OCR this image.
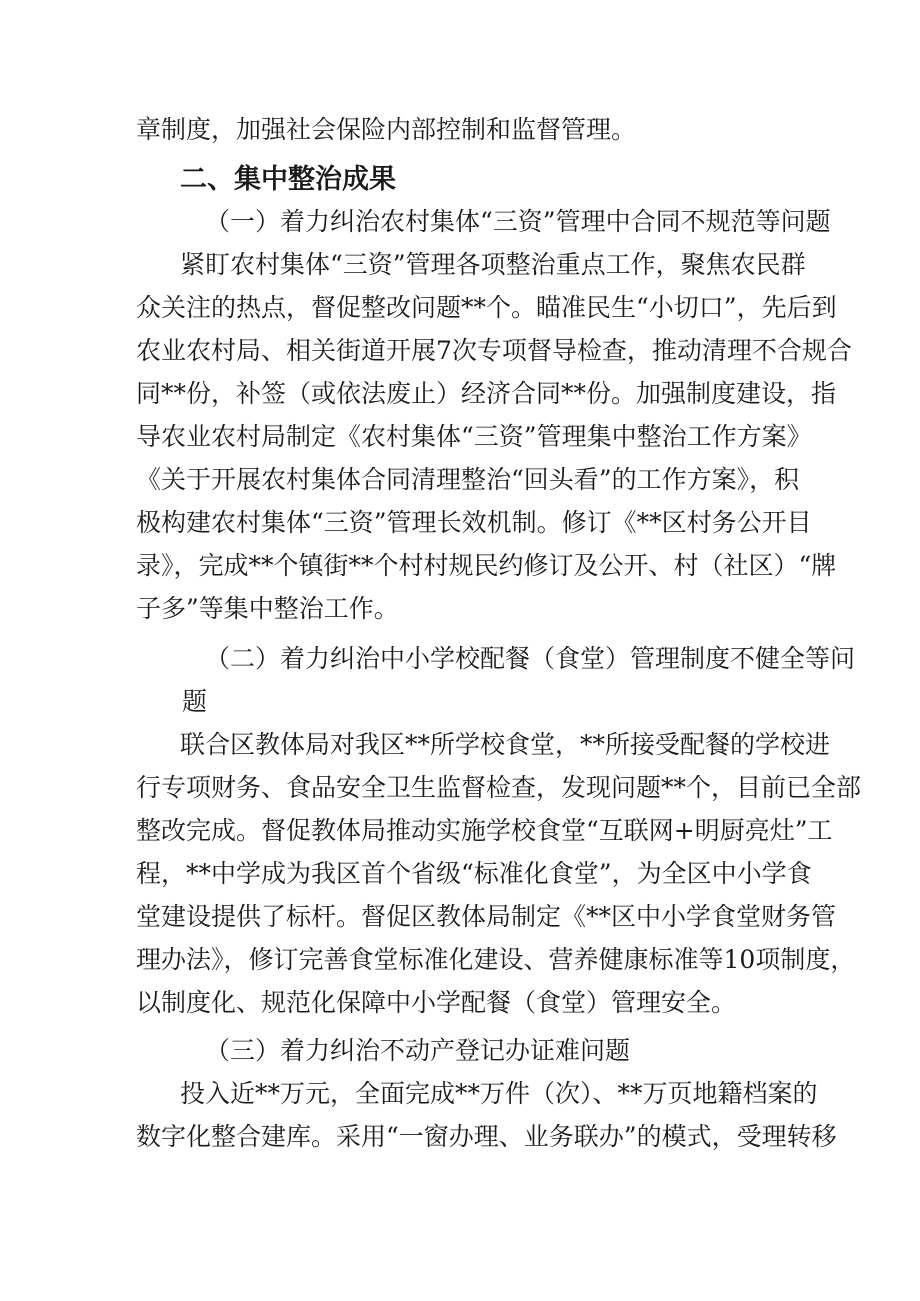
章制度，加强社会保险内部控制和监督管理。
二、集中整治成果
（一）着力纠治农村集体“三资”管理中合同不规范等问题
紧盯农村集体“三资”管理各项整治重点工作，聚焦农民群
众关注的热点，督促整改问题**个。瞄准民生“小切口”，先后到
农业农村局、相关街道开展7次专项督导检查，推动清理不合规合
同**份，补签（或依法废止）经济合同**份。加强制度建设，指
导农业农村局制定《农村集体“三资”管理集中整治工作方案》
《关于开展农村集体合同清理整治“回头看”的工作方案》，积
极构建农村集体“三资”管理长效机制。修订《**区村务公开目
录》，完成**个镇街**个村村规民约修订及公开、村（社区）“牌
子多”等集中整治工作。
（二）着力纠治中小学校配餐（食堂）管理制度不健全等问
题
联合区教体局对我区**所学校食堂，**所接受配餐的学校进
行专项财务、食品安全卫生监督检查，发现问题**个，目前已全部
整改完成。督促教体局推动实施学校食堂“互联网+明厨亮灶”工
程，**中学成为我区首个省级“标准化食堂”，为全区中小学食
堂建设提供了标杆。督促区教体局制定《**区中小学食堂财务管
理办法》，修订完善食堂标准化建设、营养健康标准等10项制度，
以制度化、规范化保障中小学配餐（食堂）管理安全。
（三）着力纠治不动产登记办证难问题
投入近**万元，全面完成**万件（次）、**万页地籍档案的
数字化整合建库。采用“一窗办理、业务联办”的模式，受理转移
